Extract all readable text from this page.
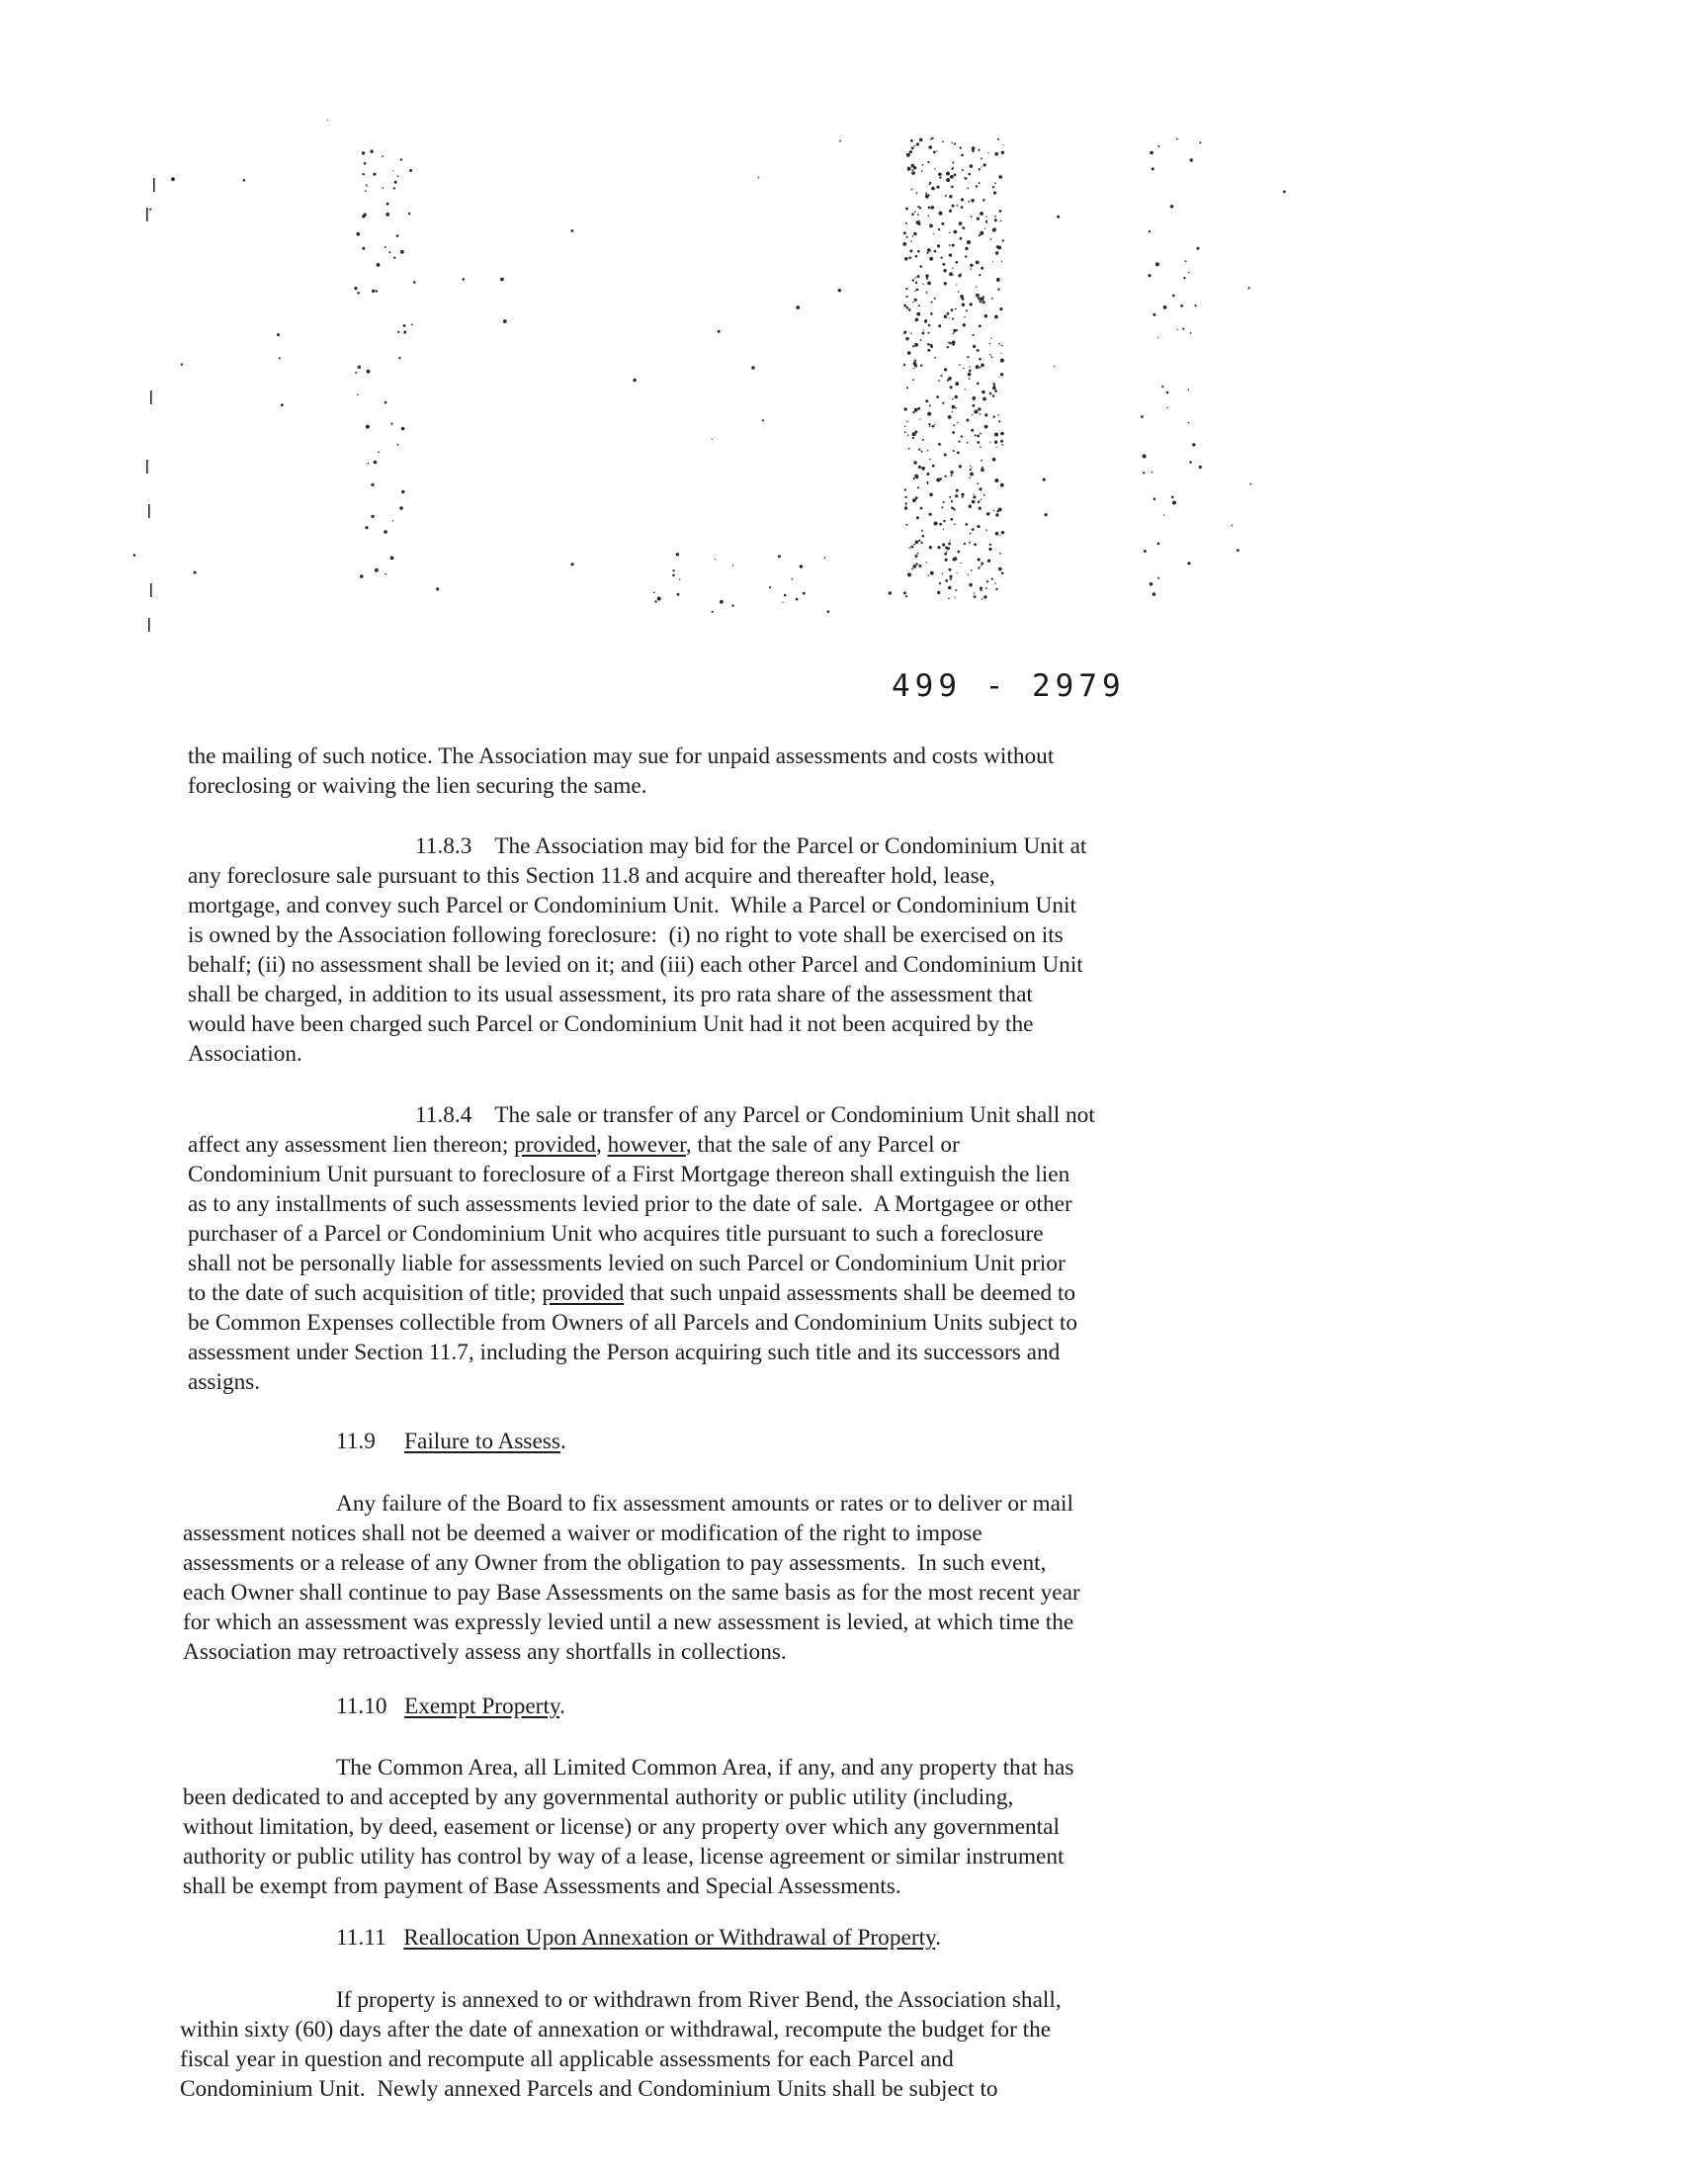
499 - 2979
the mailing of such notice. The Association may sue for unpaid assessments and costs without
foreclosing or waiving the lien securing the same.
11.8.3    The Association may bid for the Parcel or Condominium Unit at
any foreclosure sale pursuant to this Section 11.8 and acquire and thereafter hold, lease,
mortgage, and convey such Parcel or Condominium Unit.  While a Parcel or Condominium Unit
is owned by the Association following foreclosure:  (i) no right to vote shall be exercised on its
behalf; (ii) no assessment shall be levied on it; and (iii) each other Parcel and Condominium Unit
shall be charged, in addition to its usual assessment, its pro rata share of the assessment that
would have been charged such Parcel or Condominium Unit had it not been acquired by the
Association.
11.8.4    The sale or transfer of any Parcel or Condominium Unit shall not
affect any assessment lien thereon; provided, however, that the sale of any Parcel or
Condominium Unit pursuant to foreclosure of a First Mortgage thereon shall extinguish the lien
as to any installments of such assessments levied prior to the date of sale.  A Mortgagee or other
purchaser of a Parcel or Condominium Unit who acquires title pursuant to such a foreclosure
shall not be personally liable for assessments levied on such Parcel or Condominium Unit prior
to the date of such acquisition of title; provided that such unpaid assessments shall be deemed to
be Common Expenses collectible from Owners of all Parcels and Condominium Units subject to
assessment under Section 11.7, including the Person acquiring such title and its successors and
assigns.
11.9 Failure to Assess.
Any failure of the Board to fix assessment amounts or rates or to deliver or mail
assessment notices shall not be deemed a waiver or modification of the right to impose
assessments or a release of any Owner from the obligation to pay assessments.  In such event,
each Owner shall continue to pay Base Assessments on the same basis as for the most recent year
for which an assessment was expressly levied until a new assessment is levied, at which time the
Association may retroactively assess any shortfalls in collections.
11.10 Exempt Property.
The Common Area, all Limited Common Area, if any, and any property that has
been dedicated to and accepted by any governmental authority or public utility (including,
without limitation, by deed, easement or license) or any property over which any governmental
authority or public utility has control by way of a lease, license agreement or similar instrument
shall be exempt from payment of Base Assessments and Special Assessments.
11.11 Reallocation Upon Annexation or Withdrawal of Property.
If property is annexed to or withdrawn from River Bend, the Association shall,
within sixty (60) days after the date of annexation or withdrawal, recompute the budget for the
fiscal year in question and recompute all applicable assessments for each Parcel and
Condominium Unit.  Newly annexed Parcels and Condominium Units shall be subject to
